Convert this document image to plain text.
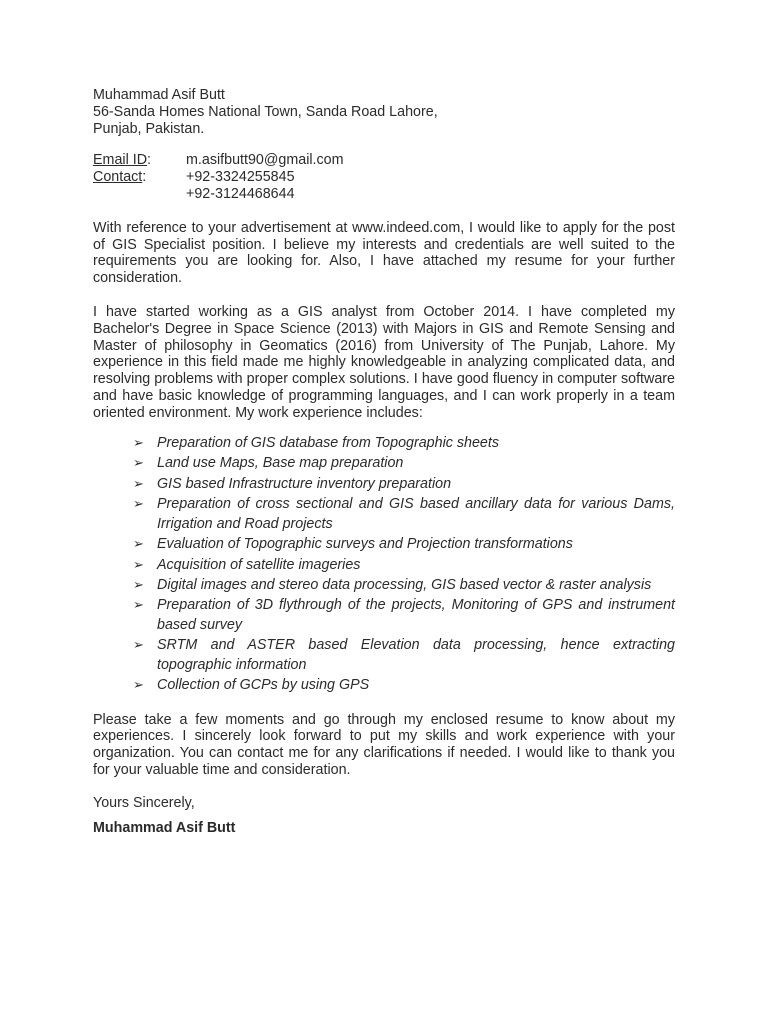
Muhammad Asif Butt
56-Sanda Homes National Town, Sanda Road Lahore,
Punjab, Pakistan.
Email ID:	m.asifbutt90@gmail.com
Contact:	+92-3324255845
+92-3124468644

With reference to your advertisement at www.indeed.com, I would like to apply for the post of GIS Specialist position. I believe my interests and credentials are well suited to the requirements you are looking for. Also, I have attached my resume for your further consideration.

I have started working as a GIS analyst from October 2014. I have completed my Bachelor's Degree in Space Science (2013) with Majors in GIS and Remote Sensing and Master of philosophy in Geomatics (2016) from University of The Punjab, Lahore. My experience in this field made me highly knowledgeable in analyzing complicated data, and resolving problems with proper complex solutions. I have good fluency in computer software and have basic knowledge of programming languages, and I can work properly in a team oriented environment. My work experience includes:

➢ Preparation of GIS database from Topographic sheets
➢ Land use Maps, Base map preparation
➢ GIS based Infrastructure inventory preparation
➢ Preparation of cross sectional and GIS based ancillary data for various Dams, Irrigation and Road projects
➢ Evaluation of Topographic surveys and Projection transformations
➢ Acquisition of satellite imageries
➢ Digital images and stereo data processing, GIS based vector & raster analysis
➢ Preparation of 3D flythrough of the projects, Monitoring of GPS and instrument based survey
➢ SRTM and ASTER based Elevation data processing, hence extracting topographic information
➢ Collection of GCPs by using GPS

Please take a few moments and go through my enclosed resume to know about my experiences. I sincerely look forward to put my skills and work experience with your organization. You can contact me for any clarifications if needed. I would like to thank you for your valuable time and consideration.

Yours Sincerely,
Muhammad Asif Butt
